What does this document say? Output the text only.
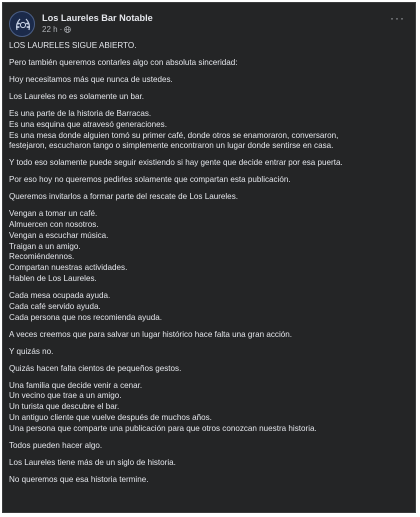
Los Laureles Bar Notable
22 h ·
···
LOS LAURELES SIGUE ABIERTO.
Pero también queremos contarles algo con absoluta sinceridad:
Hoy necesitamos más que nunca de ustedes.
Los Laureles no es solamente un bar.
Es una parte de la historia de Barracas.
Es una esquina que atravesó generaciones.
Es una mesa donde alguien tomó su primer café, donde otros se enamoraron, conversaron,
festejaron, escucharon tango o simplemente encontraron un lugar donde sentirse en casa.
Y todo eso solamente puede seguir existiendo si hay gente que decide entrar por esa puerta.
Por eso hoy no queremos pedirles solamente que compartan esta publicación.
Queremos invitarlos a formar parte del rescate de Los Laureles.
Vengan a tomar un café.
Almuercen con nosotros.
Vengan a escuchar música.
Traigan a un amigo.
Recomiéndennos.
Compartan nuestras actividades.
Hablen de Los Laureles.
Cada mesa ocupada ayuda.
Cada café servido ayuda.
Cada persona que nos recomienda ayuda.
A veces creemos que para salvar un lugar histórico hace falta una gran acción.
Y quizás no.
Quizás hacen falta cientos de pequeños gestos.
Una familia que decide venir a cenar.
Un vecino que trae a un amigo.
Un turista que descubre el bar.
Un antiguo cliente que vuelve después de muchos años.
Una persona que comparte una publicación para que otros conozcan nuestra historia.
Todos pueden hacer algo.
Los Laureles tiene más de un siglo de historia.
No queremos que esa historia termine.
